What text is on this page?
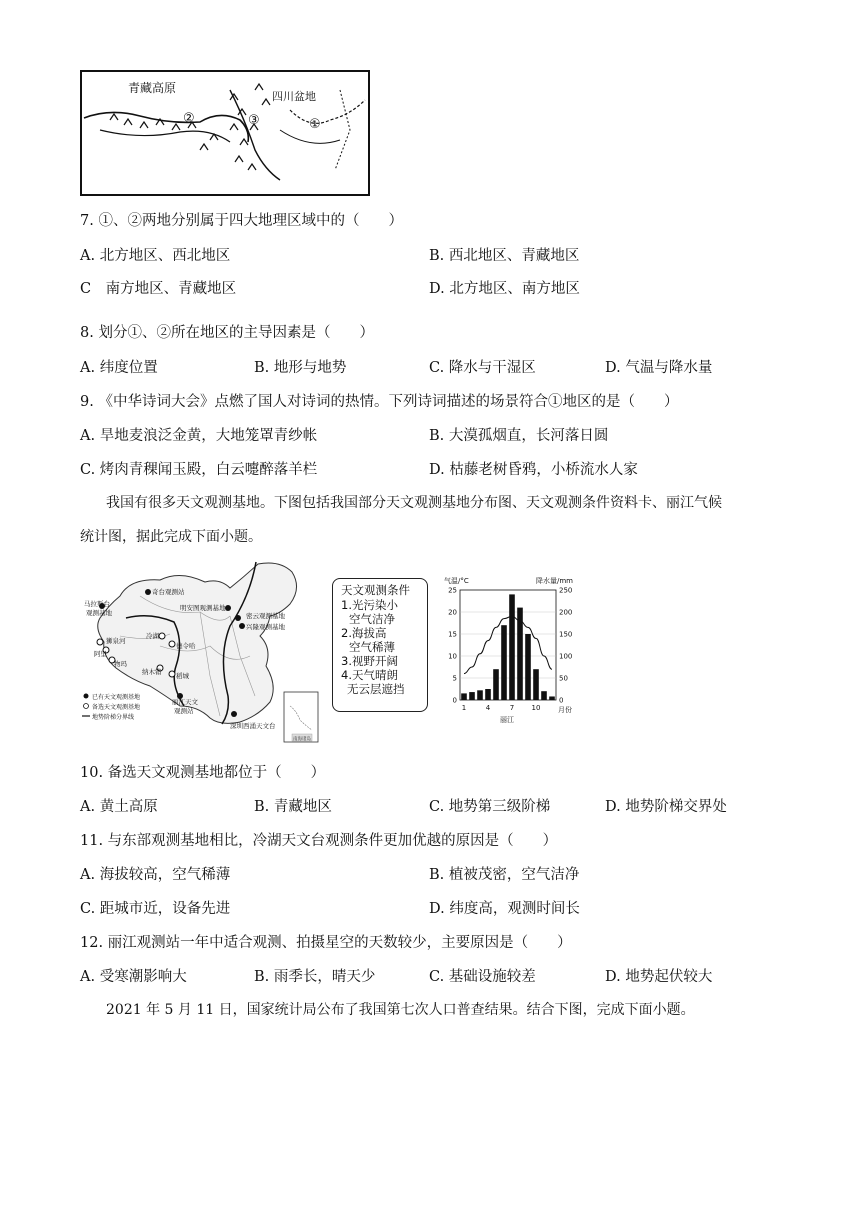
青藏高原
四川盆地
②	③	①
7. ①、②两地分别属于四大地理区域中的（　　）
A. 北方地区、西北地区	B. 西北地区、青藏地区
C　南方地区、青藏地区	D. 北方地区、南方地区
8. 划分①、②所在地区的主导因素是（　　）
A. 纬度位置	B. 地形与地势	C. 降水与干湿区	D. 气温与降水量
9. 《中华诗词大会》点燃了国人对诗词的热情。下列诗词描述的场景符合①地区的是（　　）
A. 旱地麦浪泛金黄，大地笼罩青纱帐	B. 大漠孤烟直，长河落日圆
C. 烤肉青稞闻玉殿，白云嚏醉落羊栏	D. 枯藤老树昏鸦，小桥流水人家
我国有很多天文观测基地。下图包括我国部分天文观测基地分布图、天文观测条件资料卡、丽江气候
统计图，据此完成下面小题。
奇台观测站
马拉斯台
观测基地
明安图观测基地
密云观测基地
兴隆观测基地
狮泉河
阿里
物玛
冷湖
德令哈
纳木错 稻城
丽江天文
观测站
深圳西涌天文台
已有天文观测基地
备选天文观测基地
地势阶梯分界线
南海诸岛
天文观测条件
1.光污染小
空气洁净
2.海拔高
空气稀薄
3.视野开阔
4.天气晴朗
无云层遮挡
气温/°C	降水量/mm
25
20
15
10
5
0
250
200
150
100
50
0
1	4	7 10
丽江
月份
10. 备选天文观测基地都位于（　　）
A. 黄土高原	B. 青藏地区	C. 地势第三级阶梯	D. 地势阶梯交界处
11. 与东部观测基地相比，冷湖天文台观测条件更加优越的原因是（　　）
A. 海拔较高，空气稀薄	B. 植被茂密，空气洁净
C. 距城市近，设备先进	D. 纬度高，观测时间长
12. 丽江观测站一年中适合观测、拍摄星空的天数较少，主要原因是（　　）
A. 受寒潮影响大	B. 雨季长，晴天少	C. 基础设施较差	D. 地势起伏较大
2021 年 5 月 11 日，国家统计局公布了我国第七次人口普查结果。结合下图，完成下面小题。
